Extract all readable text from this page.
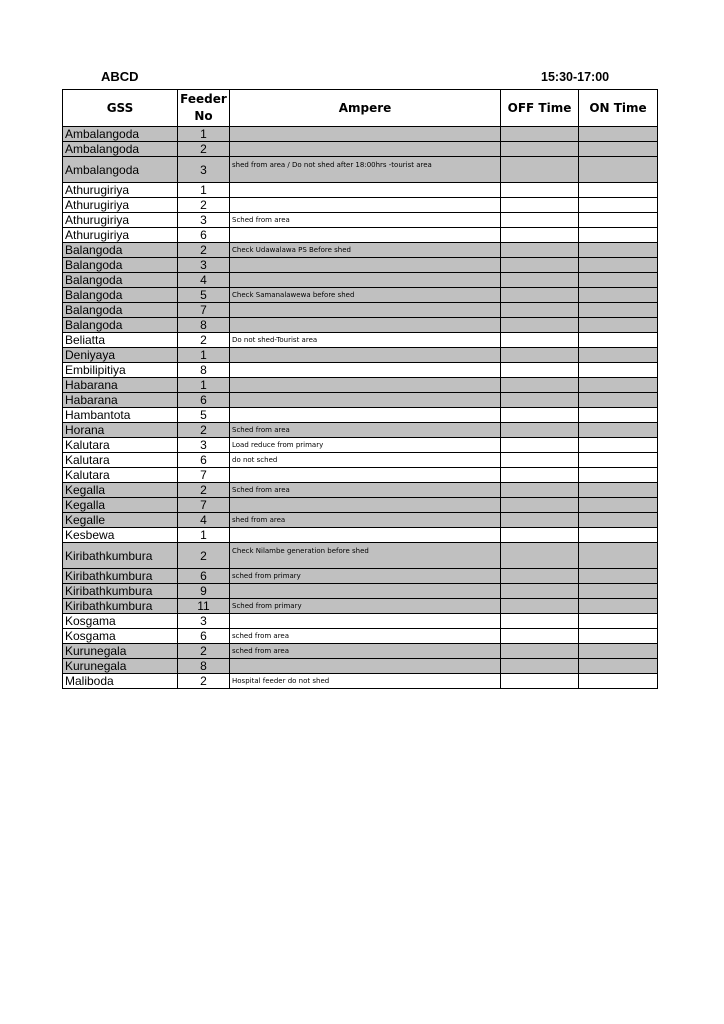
ABCD	15:30-17:00
GSS	Feeder No	Ampere	OFF Time	ON Time
Ambalangoda	1			
Ambalangoda	2			
Ambalangoda	3	shed from area / Do not shed after 18:00hrs -tourist area		
Athurugiriya	1			
Athurugiriya	2			
Athurugiriya	3	Sched from area		
Athurugiriya	6			
Balangoda	2	Check Udawalawa PS Before shed		
Balangoda	3			
Balangoda	4			
Balangoda	5	Check Samanalawewa before shed		
Balangoda	7			
Balangoda	8			
Beliatta	2	Do not shed-Tourist area		
Deniyaya	1			
Embilipitiya	8			
Habarana	1			
Habarana	6			
Hambantota	5			
Horana	2	Sched from area		
Kalutara	3	Load reduce from primary		
Kalutara	6	do not sched		
Kalutara	7			
Kegalla	2	Sched from area		
Kegalla	7			
Kegalle	4	shed from area		
Kesbewa	1			
Kiribathkumbura	2	Check Nilambe generation before shed		
Kiribathkumbura	6	sched from primary		
Kiribathkumbura	9			
Kiribathkumbura	11	Sched from primary		
Kosgama	3			
Kosgama	6	sched from area		
Kurunegala	2	sched from area		
Kurunegala	8			
Maliboda	2	Hospital feeder do not shed		
